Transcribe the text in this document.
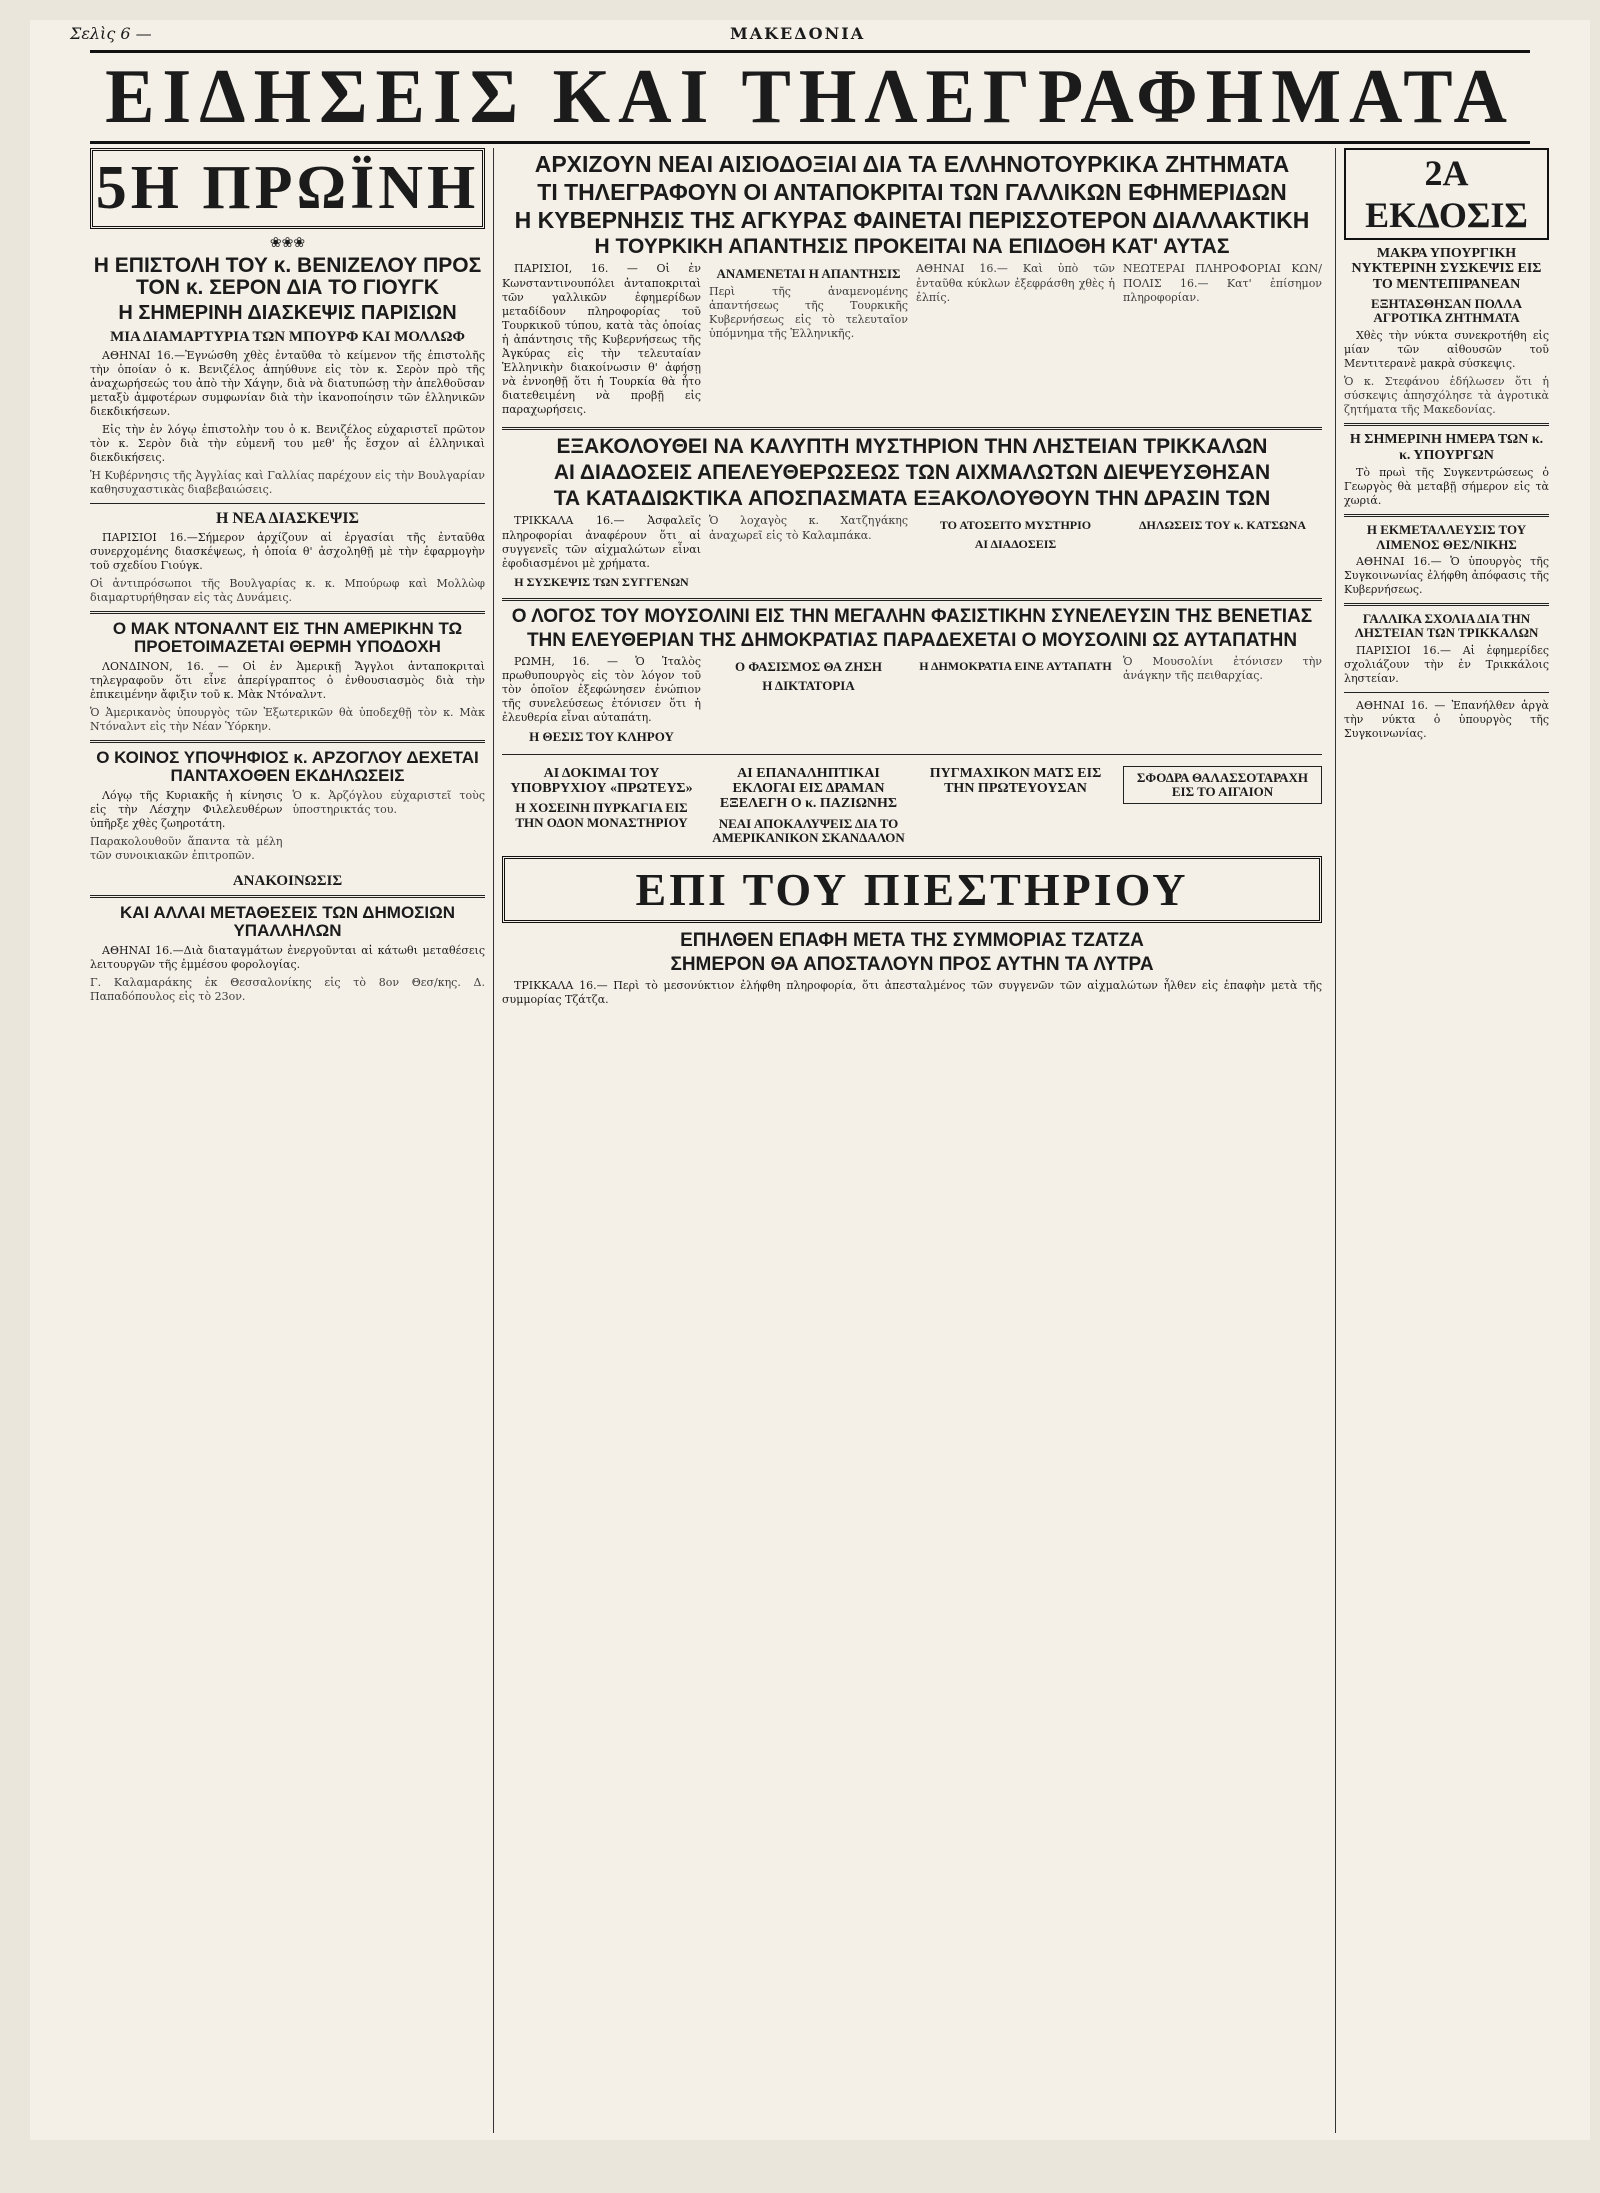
Σελὶς 6 —	ΜΑΚΕΔΟΝΙΑ
ΕΙΔΗΣΕΙΣ ΚΑΙ ΤΗΛΕΓΡΑΦΗΜΑΤΑ
5Η ΠΡΩΪΝΗ
❀❀❀
Η ΕΠΙΣΤΟΛΗ ΤΟΥ κ. ΒΕΝΙΖΕΛΟΥ ΠΡΟΣ ΤΟΝ κ. ΣΕΡΟΝ ΔΙΑ ΤΟ ΓΙΟΥΓΚ
Η ΣΗΜΕΡΙΝΗ ΔΙΑΣΚΕΨΙΣ ΠΑΡΙΣΙΩΝ
ΜΙΑ ΔΙΑΜΑΡΤΥΡΙΑ ΤΩΝ ΜΠΟΥΡΦ ΚΑΙ ΜΟΛΛΩΦ

ΑΘΗΝΑΙ 16.—Ἐγνώσθη χθὲς ἐνταῦθα τὸ κείμενον τῆς ἐπιστολῆς τὴν ὁποίαν ὁ κ. Βενιζέλος ἀπηύθυνε εἰς τὸν κ. Σερὸν πρὸ τῆς ἀναχωρήσεώς του ἀπὸ τὴν Χάγην, διὰ νὰ διατυπώσῃ τὴν ἀπελθοῦσαν μεταξὺ ἀμφοτέρων συμφωνίαν διὰ τὴν ἱκανοποίησιν τῶν ἑλληνικῶν διεκδικήσεων.

Εἰς τὴν ἐν λόγῳ ἐπιστολὴν του ὁ κ. Βενιζέλος εὐχαριστεῖ πρῶτον τὸν κ. Σερὸν διὰ τὴν εὐμενῆ του μεθ' ἧς ἔσχον αἱ ἑλληνικαὶ διεκδικήσεις.

Ἡ Κυβέρνησις τῆς Ἀγγλίας καὶ Γαλλίας παρέχουν εἰς τὴν Βουλγαρίαν καθησυχαστικὰς διαβεβαιώσεις.
Η ΝΕΑ ΔΙΑΣΚΕΨΙΣ

ΠΑΡΙΣΙΟΙ 16.—Σήμερον ἀρχίζουν αἱ ἐργασίαι τῆς ἐνταῦθα συνερχομένης διασκέψεως, ἡ ὁποία θ' ἀσχοληθῇ μὲ τὴν ἐφαρμογὴν τοῦ σχεδίου Γιούγκ.

Οἱ ἀντιπρόσωποι τῆς Βουλγαρίας κ. κ. Μπούρωφ καὶ Μολλὼφ διαμαρτυρήθησαν εἰς τὰς Δυνάμεις.
Ο ΜΑΚ ΝΤΟΝΑΛΝΤ ΕΙΣ ΤΗΝ ΑΜΕΡΙΚΗΝ ΤΩ ΠΡΟΕΤΟΙΜΑΖΕΤΑΙ ΘΕΡΜΗ ΥΠΟΔΟΧΗ

ΛΟΝΔΙΝΟΝ, 16. — Οἱ ἐν Ἀμερικῇ Ἄγγλοι ἀνταποκριταὶ τηλεγραφοῦν ὅτι εἶνε ἀπερίγραπτος ὁ ἐνθουσιασμὸς διὰ τὴν ἐπικειμένην ἄφιξιν τοῦ κ. Μὰκ Ντόναλντ.

Ὁ Ἀμερικανὸς ὑπουργὸς τῶν Ἐξωτερικῶν θὰ ὑποδεχθῇ τὸν κ. Μὰκ Ντόναλντ εἰς τὴν Νέαν Ὑόρκην.
Ο ΚΟΙΝΟΣ ΥΠΟΨΗΦΙΟΣ κ. ΑΡΖΟΓΛΟΥ ΔΕΧΕΤΑΙ ΠΑΝΤΑΧΟΘΕΝ ΕΚΔΗΛΩΣΕΙΣ

Λόγῳ τῆς Κυριακῆς ἡ κίνησις εἰς τὴν Λέσχην Φιλελευθέρων ὑπῆρξε χθὲς ζωηροτάτη.

Παρακολουθοῦν ἅπαντα τὰ μέλη τῶν συνοικιακῶν ἐπιτροπῶν.
Ὁ κ. Ἀρζόγλου εὐχαριστεῖ τοὺς ὑποστηρικτάς του.
ΑΝΑΚΟΙΝΩΣΙΣ
ΚΑΙ ΑΛΛΑΙ ΜΕΤΑΘΕΣΕΙΣ ΤΩΝ ΔΗΜΟΣΙΩΝ ΥΠΑΛΛΗΛΩΝ

ΑΘΗΝΑΙ 16.—Διὰ διαταγμάτων ἐνεργοῦνται αἱ κάτωθι μεταθέσεις λειτουργῶν τῆς ἐμμέσου φορολογίας.

Γ. Καλαμαράκης ἐκ Θεσσαλονίκης εἰς τὸ 8ον Θεσ/κης. Δ. Παπαδόπουλος εἰς τὸ 23ον.
ΑΡΧΙΖΟΥΝ ΝΕΑΙ ΑΙΣΙΟΔΟΞΙΑΙ ΔΙΑ ΤΑ ΕΛΛΗΝΟΤΟΥΡΚΙΚΑ ΖΗΤΗΜΑΤΑ
ΤΙ ΤΗΛΕΓΡΑΦΟΥΝ ΟΙ ΑΝΤΑΠΟΚΡΙΤΑΙ ΤΩΝ ΓΑΛΛΙΚΩΝ ΕΦΗΜΕΡΙΔΩΝ
Η ΚΥΒΕΡΝΗΣΙΣ ΤΗΣ ΑΓΚΥΡΑΣ ΦΑΙΝΕΤΑΙ ΠΕΡΙΣΣΟΤΕΡΟΝ ΔΙΑΛΛΑΚΤΙΚΗ
Η ΤΟΥΡΚΙΚΗ ΑΠΑΝΤΗΣΙΣ ΠΡΟΚΕΙΤΑΙ ΝΑ ΕΠΙΔΟΘΗ ΚΑΤ' ΑΥΤΑΣ

ΠΑΡΙΣΙΟΙ, 16. — Οἱ ἐν Κωνσταντινουπόλει ἀνταποκριταὶ τῶν γαλλικῶν ἐφημερίδων μεταδίδουν πληροφορίας τοῦ Τουρκικοῦ τύπου, κατὰ τὰς ὁποίας ἡ ἀπάντησις τῆς Κυβερνήσεως τῆς Ἀγκύρας εἰς τὴν τελευταίαν Ἑλληνικὴν διακοίνωσιν θ' ἀφήσῃ νὰ ἐννοηθῇ ὅτι ἡ Τουρκία θὰ ἦτο διατεθειμένη νὰ προβῇ εἰς παραχωρήσεις.

ΑΝΑΜΕΝΕΤΑΙ Η ΑΠΑΝΤΗΣΙΣ
Περὶ τῆς ἀναμενομένης ἀπαντήσεως τῆς Τουρκικῆς Κυβερνήσεως εἰς τὸ τελευταῖον ὑπόμνημα τῆς Ἑλληνικῆς.
ΑΘΗΝΑΙ 16.— Καὶ ὑπὸ τῶν ἐνταῦθα κύκλων ἐξεφράσθη χθὲς ἡ ἐλπίς.
ΝΕΩΤΕΡΑΙ ΠΛΗΡΟΦΟΡΙΑΙ ΚΩΝ/ΠΟΛΙΣ 16.— Κατ' ἐπίσημον πληροφορίαν.
ΕΞΑΚΟΛΟΥΘΕΙ ΝΑ ΚΑΛΥΠΤΗ ΜΥΣΤΗΡΙΟΝ ΤΗΝ ΛΗΣΤΕΙΑΝ ΤΡΙΚΚΑΛΩΝ
ΑΙ ΔΙΑΔΟΣΕΙΣ ΑΠΕΛΕΥΘΕΡΩΣΕΩΣ ΤΩΝ ΑΙΧΜΑΛΩΤΩΝ ΔΙΕΨΕΥΣΘΗΣΑΝ
ΤΑ ΚΑΤΑΔΙΩΚΤΙΚΑ ΑΠΟΣΠΑΣΜΑΤΑ ΕΞΑΚΟΛΟΥΘΟΥΝ ΤΗΝ ΔΡΑΣΙΝ ΤΩΝ

ΤΡΙΚΚΑΛΑ 16.— Ἀσφαλεῖς πληροφορίαι ἀναφέρουν ὅτι αἱ συγγενεῖς τῶν αἰχμαλώτων εἶναι ἐφοδιασμένοι μὲ χρήματα.

Η ΣΥΣΚΕΨΙΣ ΤΩΝ ΣΥΓΓΕΝΩΝ
Ὁ λοχαγὸς κ. Χατζηγάκης ἀναχωρεῖ εἰς τὸ Καλαμπάκα.
ΤΟ ΑΤΟΣΕΙΤΟ ΜΥΣΤΗΡΙΟ
ΑΙ ΔΙΑΔΟΣΕΙΣ
ΔΗΛΩΣΕΙΣ ΤΟΥ κ. ΚΑΤΣΩΝΑ
Ο ΛΟΓΟΣ ΤΟΥ ΜΟΥΣΟΛΙΝΙ ΕΙΣ ΤΗΝ ΜΕΓΑΛΗΝ ΦΑΣΙΣΤΙΚΗΝ ΣΥΝΕΛΕΥΣΙΝ ΤΗΣ ΒΕΝΕΤΙΑΣ
ΤΗΝ ΕΛΕΥΘΕΡΙΑΝ ΤΗΣ ΔΗΜΟΚΡΑΤΙΑΣ ΠΑΡΑΔΕΧΕΤΑΙ Ο ΜΟΥΣΟΛΙΝΙ ΩΣ ΑΥΤΑΠΑΤΗΝ

ΡΩΜΗ, 16. — Ὁ Ἰταλὸς πρωθυπουργὸς εἰς τὸν λόγον τοῦ τὸν ὁποῖον ἐξεφώνησεν ἐνώπιον τῆς συνελεύσεως ἐτόνισεν ὅτι ἡ ἐλευθερία εἶναι αὐταπάτη.

Η ΘΕΣΙΣ ΤΟΥ ΚΛΗΡΟΥ
Ο ΦΑΣΙΣΜΟΣ ΘΑ ΖΗΣΗ
Η ΔΙΚΤΑΤΟΡΙΑ
Η ΔΗΜΟΚΡΑΤΙΑ ΕΙΝΕ ΑΥΤΑΠΑΤΗ Ὁ Μουσολίνι ἐτόνισεν τὴν ἀνάγκην τῆς πειθαρχίας.
ΑΙ ΔΟΚΙΜΑΙ ΤΟΥ ΥΠΟΒΡΥΧΙΟΥ «ΠΡΩΤΕΥΣ»
Η ΧΟΣΕΙΝΗ ΠΥΡΚΑΓΙΑ ΕΙΣ ΤΗΝ ΟΔΟΝ ΜΟΝΑΣΤΗΡΙΟΥ
ΑΙ ΕΠΑΝΑΛΗΠΤΙΚΑΙ ΕΚΛΟΓΑΙ ΕΙΣ ΔΡΑΜΑΝ ΕΞΕΛΕΓΗ Ο κ. ΠΑΖΙΩΝΗΣ
ΝΕΑΙ ΑΠΟΚΑΛΥΨΕΙΣ ΔΙΑ ΤΟ ΑΜΕΡΙΚΑΝΙΚΟΝ ΣΚΑΝΔΑΛΟΝ
ΠΥΓΜΑΧΙΚΟΝ ΜΑΤΣ ΕΙΣ ΤΗΝ ΠΡΩΤΕΥΟΥΣΑΝ
ΣΦΟΔΡΑ ΘΑΛΑΣΣΟΤΑΡΑΧΗ ΕΙΣ ΤΟ ΑΙΓΑΙΟΝ
ΕΠΙ ΤΟΥ ΠΙΕΣΤΗΡΙΟΥ
ΕΠΗΛΘΕΝ ΕΠΑΦΗ ΜΕΤΑ ΤΗΣ ΣΥΜΜΟΡΙΑΣ ΤΖΑΤΖΑ
ΣΗΜΕΡΟΝ ΘΑ ΑΠΟΣΤΑΛΟΥΝ ΠΡΟΣ ΑΥΤΗΝ ΤΑ ΛΥΤΡΑ

ΤΡΙΚΚΑΛΑ 16.— Περὶ τὸ μεσονύκτιον ἐλήφθη πληροφορία, ὅτι ἀπεσταλμένος τῶν συγγενῶν τῶν αἰχμαλώτων ἦλθεν εἰς ἐπαφὴν μετὰ τῆς συμμορίας Τζάτζα.

2Α ΕΚΔΟΣΙΣ
ΜΑΚΡΑ ΥΠΟΥΡΓΙΚΗ ΝΥΚΤΕΡΙΝΗ ΣΥΣΚΕΨΙΣ ΕΙΣ ΤΟ ΜΕΝΤΕΠΙΡΑΝΕΑΝ
ΕΞΗΤΑΣΘΗΣΑΝ ΠΟΛΛΑ ΑΓΡΟΤΙΚΑ ΖΗΤΗΜΑΤΑ

Χθὲς τὴν νύκτα συνεκροτήθη εἰς μίαν τῶν αἰθουσῶν τοῦ Μεντιτερανὲ μακρὰ σύσκεψις.

Ὁ κ. Στεφάνου ἐδήλωσεν ὅτι ἡ σύσκεψις ἀπησχόλησε τὰ ἀγροτικὰ ζητήματα τῆς Μακεδονίας.
Η ΣΗΜΕΡΙΝΗ ΗΜΕΡΑ ΤΩΝ κ. κ. ΥΠΟΥΡΓΩΝ

Τὸ πρωὶ τῆς Συγκεντρώσεως ὁ Γεωργὸς θὰ μεταβῇ σήμερον εἰς τὰ χωριά.

Η ΕΚΜΕΤΑΛΛΕΥΣΙΣ ΤΟΥ ΛΙΜΕΝΟΣ ΘΕΣ/ΝΙΚΗΣ

ΑΘΗΝΑΙ 16.— Ὁ ὑπουργὸς τῆς Συγκοινωνίας ἐλήφθη ἀπόφασις τῆς Κυβερνήσεως.

ΓΑΛΛΙΚΑ ΣΧΟΛΙΑ ΔΙΑ ΤΗΝ ΛΗΣΤΕΙΑΝ ΤΩΝ ΤΡΙΚΚΑΛΩΝ

ΠΑΡΙΣΙΟΙ 16.— Αἱ ἐφημερίδες σχολιάζουν τὴν ἐν Τρικκάλοις ληστείαν.

ΑΘΗΝΑΙ 16. — Ἐπανήλθεν ἀργὰ τὴν νύκτα ὁ ὑπουργὸς τῆς Συγκοινωνίας.
